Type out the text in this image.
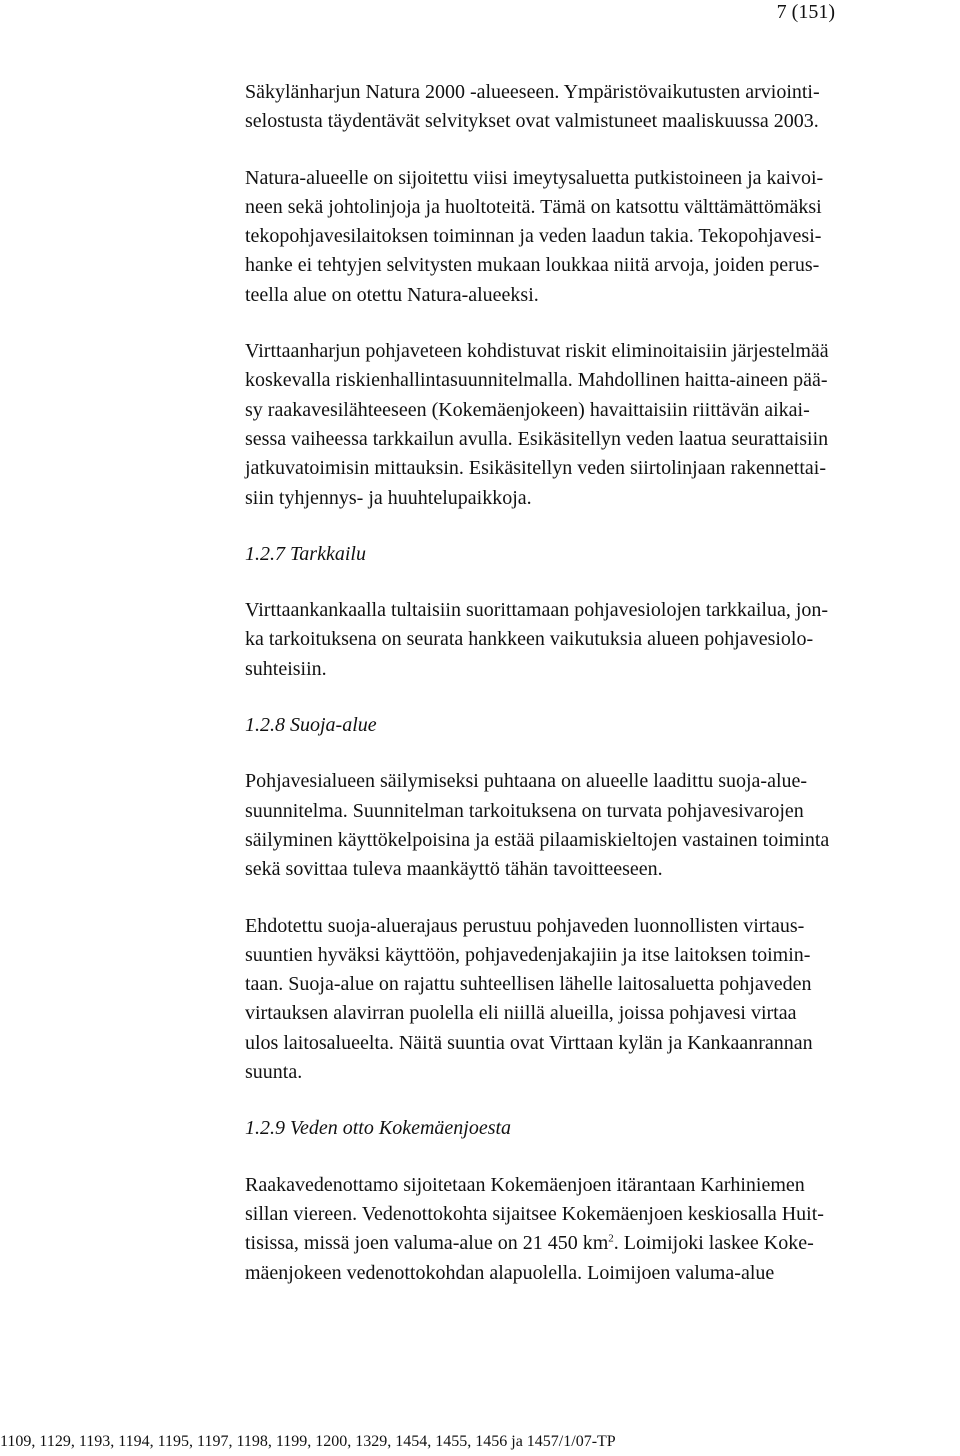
7 (151)
Säkylänharjun Natura 2000 -alueeseen. Ympäristövaikutusten arviointi-
selostusta täydentävät selvitykset ovat valmistuneet maaliskuussa 2003.
Natura-alueelle on sijoitettu viisi imeytysaluetta putkistoineen ja kaivoi-
neen sekä johtolinjoja ja huoltoteitä. Tämä on katsottu välttämättömäksi
tekopohjavesilaitoksen toiminnan ja veden laadun takia. Tekopohjavesi-
hanke ei tehtyjen selvitysten mukaan loukkaa niitä arvoja, joiden perus-
teella alue on otettu Natura-alueeksi.
Virttaanharjun pohjaveteen kohdistuvat riskit eliminoitaisiin järjestelmää
koskevalla riskienhallintasuunnitelmalla. Mahdollinen haitta-aineen pää-
sy raakavesilähteeseen (Kokemäenjokeen) havaittaisiin riittävän aikai-
sessa vaiheessa tarkkailun avulla. Esikäsitellyn veden laatua seurattaisiin
jatkuvatoimisin mittauksin. Esikäsitellyn veden siirtolinjaan rakennettai-
siin tyhjennys- ja huuhtelupaikkoja.
1.2.7 Tarkkailu
Virttaankankaalla tultaisiin suorittamaan pohjavesiolojen tarkkailua, jon-
ka tarkoituksena on seurata hankkeen vaikutuksia alueen pohjavesiolo-
suhteisiin.
1.2.8 Suoja-alue
Pohjavesialueen säilymiseksi puhtaana on alueelle laadittu suoja-alue-
suunnitelma. Suunnitelman tarkoituksena on turvata pohjavesivarojen
säilyminen käyttökelpoisina ja estää pilaamiskieltojen vastainen toiminta
sekä sovittaa tuleva maankäyttö tähän tavoitteeseen.
Ehdotettu suoja-aluerajaus perustuu pohjaveden luonnollisten virtaus-
suuntien hyväksi käyttöön, pohjavedenjakajiin ja itse laitoksen toimin-
taan. Suoja-alue on rajattu suhteellisen lähelle laitosaluetta pohjaveden
virtauksen alavirran puolella eli niillä alueilla, joissa pohjavesi virtaa
ulos laitosalueelta. Näitä suuntia ovat Virttaan kylän ja Kankaanrannan
suunta.
1.2.9 Veden otto Kokemäenjoesta
Raakavedenottamo sijoitetaan Kokemäenjoen itärantaan Karhiniemen
sillan viereen. Vedenottokohta sijaitsee Kokemäenjoen keskiosalla Huit-
tisissa, missä joen valuma-alue on 21 450 $km^2$. Loimijoki laskee Koke-
mäenjokeen vedenottokohdan alapuolella. Loimijoen valuma-alue
1109, 1129, 1193, 1194, 1195, 1197, 1198, 1199, 1200, 1329, 1454, 1455, 1456 ja 1457/1/07-TP
